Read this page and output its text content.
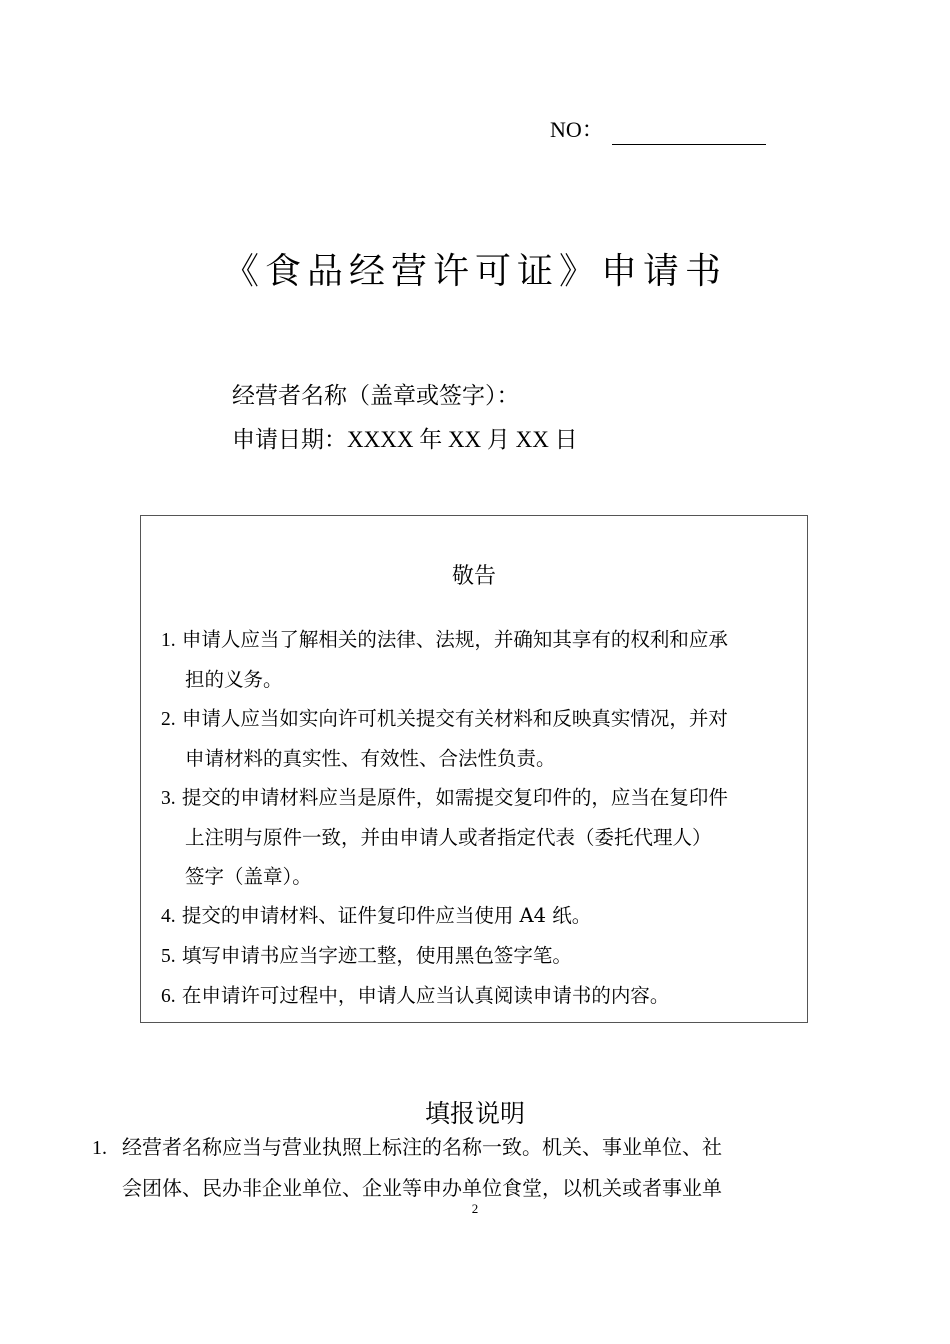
NO：
《食品经营许可证》申请书
经营者名称（盖章或签字）：
申请日期：XXXX 年 XX 月 XX 日
敬告
1. 申请人应当了解相关的法律、法规，并确知其享有的权利和应承
担的义务。
2. 申请人应当如实向许可机关提交有关材料和反映真实情况，并对
申请材料的真实性、有效性、合法性负责。
3. 提交的申请材料应当是原件，如需提交复印件的，应当在复印件
上注明与原件一致，并由申请人或者指定代表（委托代理人）
签字（盖章）。
4. 提交的申请材料、证件复印件应当使用 A4 纸。
5. 填写申请书应当字迹工整，使用黑色签字笔。
6. 在申请许可过程中，申请人应当认真阅读申请书的内容。
填报说明
1. 经营者名称应当与营业执照上标注的名称一致。机关、事业单位、社
会团体、民办非企业单位、企业等申办单位食堂，以机关或者事业单
2
